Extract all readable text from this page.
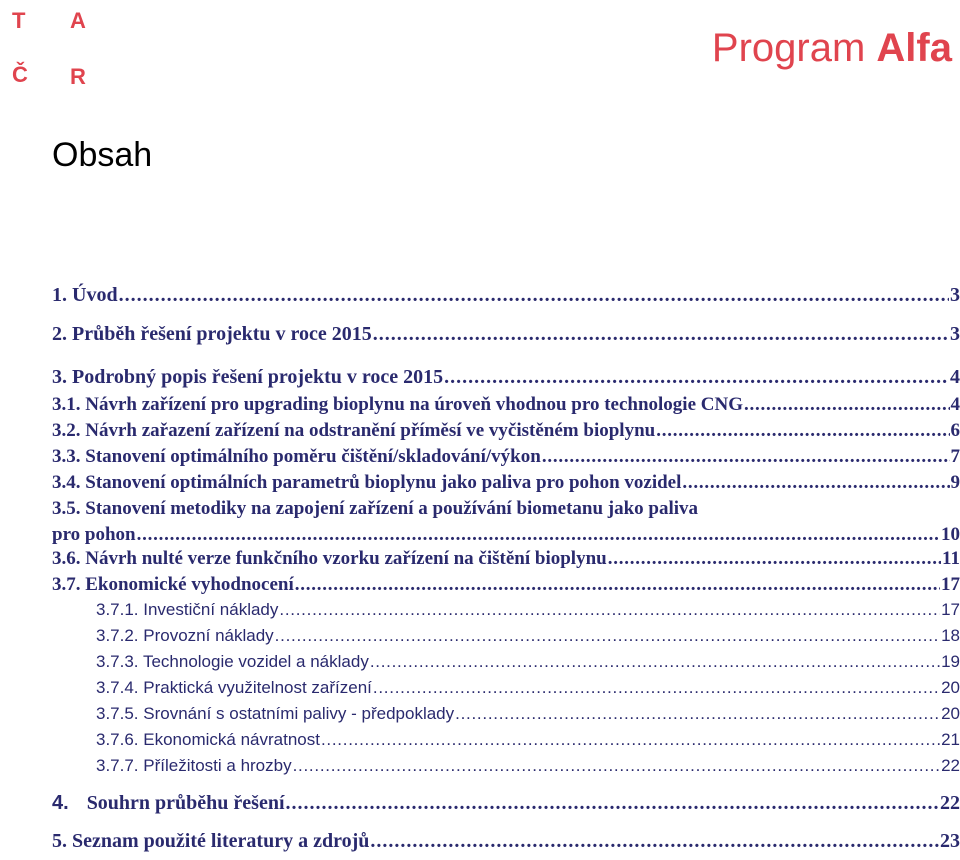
T A
Č R
Program Alfa
Obsah
1. Úvod . . .	3
2. Průběh řešení projektu v roce 2015 . . .	3
3. Podrobný popis řešení projektu v roce 2015 . . .	4
3.1. Návrh zařízení pro upgrading bioplynu na úroveň vhodnou pro technologie CNG . . .	4
3.2. Návrh zařazení zařízení na odstranění příměsí ve vyčistěném bioplynu . . .	6
3.3. Stanovení optimálního poměru čištění/skladování/výkon . . .	7
3.4. Stanovení optimálních parametrů bioplynu jako paliva pro pohon vozidel . . .	9
3.5. Stanovení metodiky na zapojení zařízení a používání biometanu jako paliva
pro pohon . . .	10
3.6. Návrh nulté verze funkčního vzorku zařízení na čištění bioplynu . . .	11
3.7. Ekonomické vyhodnocení . . .	17
3.7.1. Investiční náklady . . .	17
3.7.2. Provozní náklady . . .	18
3.7.3. Technologie vozidel a náklady . . .	19
3.7.4. Praktická využitelnost zařízení . . .	20
3.7.5. Srovnání s ostatními palivy - předpoklady . . .	20
3.7.6. Ekonomická návratnost . . .	21
3.7.7. Příležitosti a hrozby . . .	22
4. Souhrn průběhu řešení . . .	22
5. Seznam použité literatury a zdrojů . . .	23
